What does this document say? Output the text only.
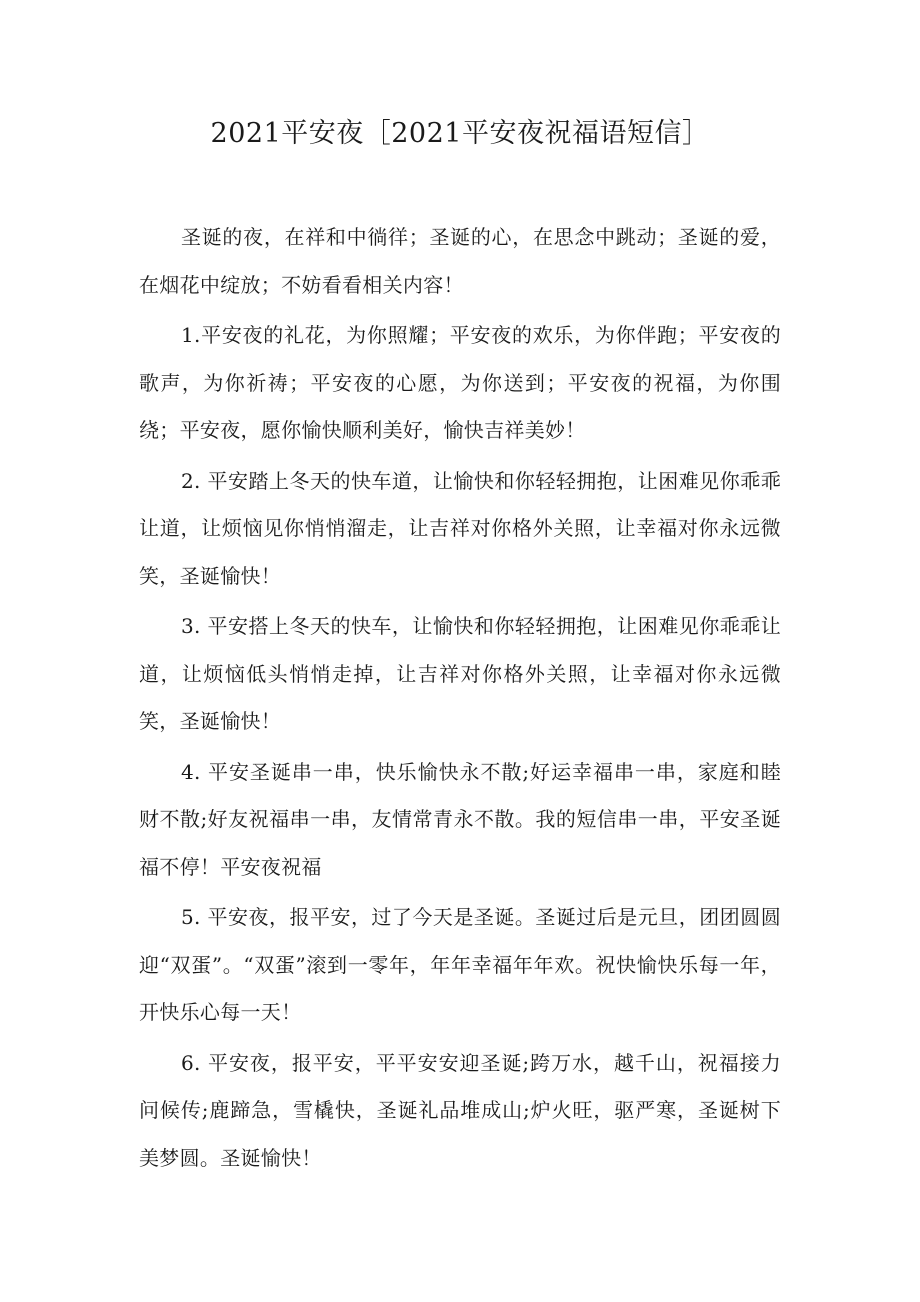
2021平安夜［2021平安夜祝福语短信］

圣诞的夜，在祥和中徜徉；圣诞的心，在思念中跳动；圣诞的爱，在烟花中绽放；不妨看看相关内容！

1.平安夜的礼花，为你照耀；平安夜的欢乐，为你伴跑；平安夜的歌声，为你祈祷；平安夜的心愿，为你送到；平安夜的祝福，为你围绕；平安夜，愿你愉快顺利美好，愉快吉祥美妙！

2. 平安踏上冬天的快车道，让愉快和你轻轻拥抱，让困难见你乖乖让道，让烦恼见你悄悄溜走，让吉祥对你格外关照，让幸福对你永远微笑，圣诞愉快！

3. 平安搭上冬天的快车，让愉快和你轻轻拥抱，让困难见你乖乖让道，让烦恼低头悄悄走掉，让吉祥对你格外关照，让幸福对你永远微笑，圣诞愉快！

4. 平安圣诞串一串，快乐愉快永不散;好运幸福串一串，家庭和睦财不散;好友祝福串一串，友情常青永不散。我的短信串一串，平安圣诞福不停！平安夜祝福

5. 平安夜，报平安，过了今天是圣诞。圣诞过后是元旦，团团圆圆迎“双蛋”。“双蛋”滚到一零年，年年幸福年年欢。祝快愉快乐每一年，开快乐心每一天！

6. 平安夜，报平安，平平安安迎圣诞;跨万水，越千山，祝福接力问候传;鹿蹄急，雪橇快，圣诞礼品堆成山;炉火旺，驱严寒，圣诞树下美梦圆。圣诞愉快！
